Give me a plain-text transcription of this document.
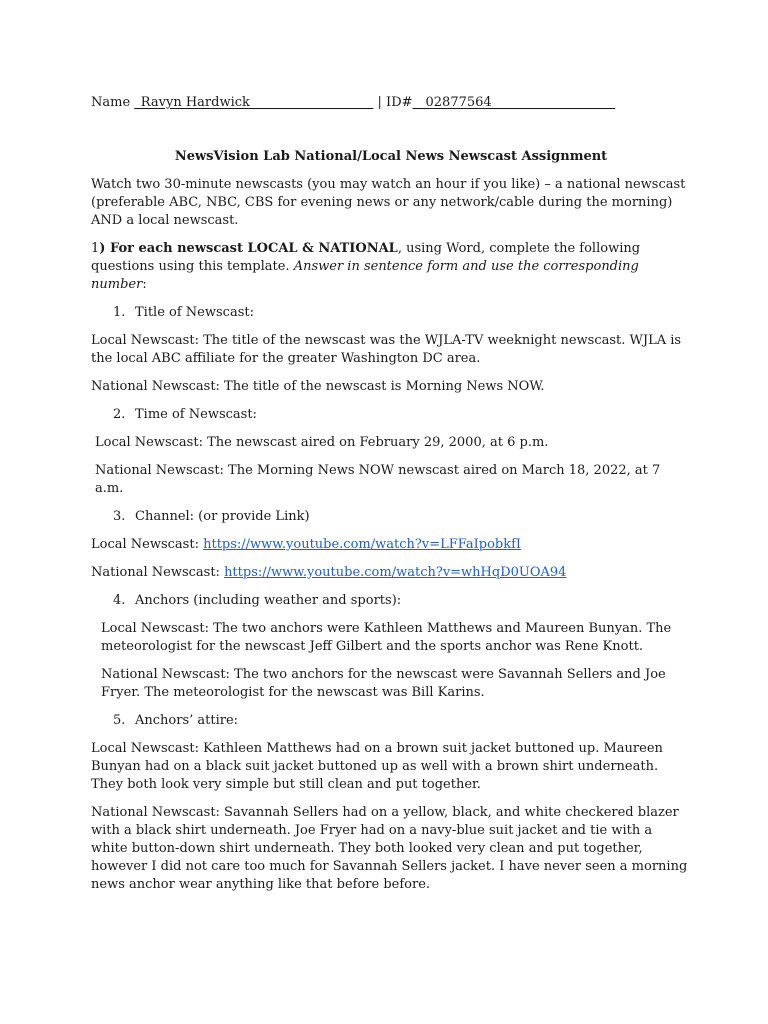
Name _Ravyn Hardwick___________________ | ID#__02877564___________________
NewsVision Lab National/Local News Newscast Assignment

Watch two 30-minute newscasts (you may watch an hour if you like) – a national newscast (preferable ABC, NBC, CBS for evening news or any network/cable during the morning) AND a local newscast.

1) For each newscast LOCAL & NATIONAL, using Word, complete the following questions using this template. Answer in sentence form and use the corresponding number:

1. Title of Newscast:

Local Newscast: The title of the newscast was the WJLA-TV weeknight newscast. WJLA is the local ABC affiliate for the greater Washington DC area.

National Newscast: The title of the newscast is Morning News NOW.

2. Time of Newscast:

Local Newscast: The newscast aired on February 29, 2000, at 6 p.m.

National Newscast: The Morning News NOW newscast aired on March 18, 2022, at 7 a.m.

3. Channel: (or provide Link)

Local Newscast: https://www.youtube.com/watch?v=LFFaIpobkfI

National Newscast: https://www.youtube.com/watch?v=whHqD0UOA94

4. Anchors (including weather and sports):

Local Newscast: The two anchors were Kathleen Matthews and Maureen Bunyan. The meteorologist for the newscast Jeff Gilbert and the sports anchor was Rene Knott.

National Newscast: The two anchors for the newscast were Savannah Sellers and Joe Fryer. The meteorologist for the newscast was Bill Karins.

5. Anchors’ attire:

Local Newscast: Kathleen Matthews had on a brown suit jacket buttoned up. Maureen Bunyan had on a black suit jacket buttoned up as well with a brown shirt underneath. They both look very simple but still clean and put together.

National Newscast: Savannah Sellers had on a yellow, black, and white checkered blazer with a black shirt underneath. Joe Fryer had on a navy-blue suit jacket and tie with a white button-down shirt underneath. They both looked very clean and put together, however I did not care too much for Savannah Sellers jacket. I have never seen a morning news anchor wear anything like that before before.
